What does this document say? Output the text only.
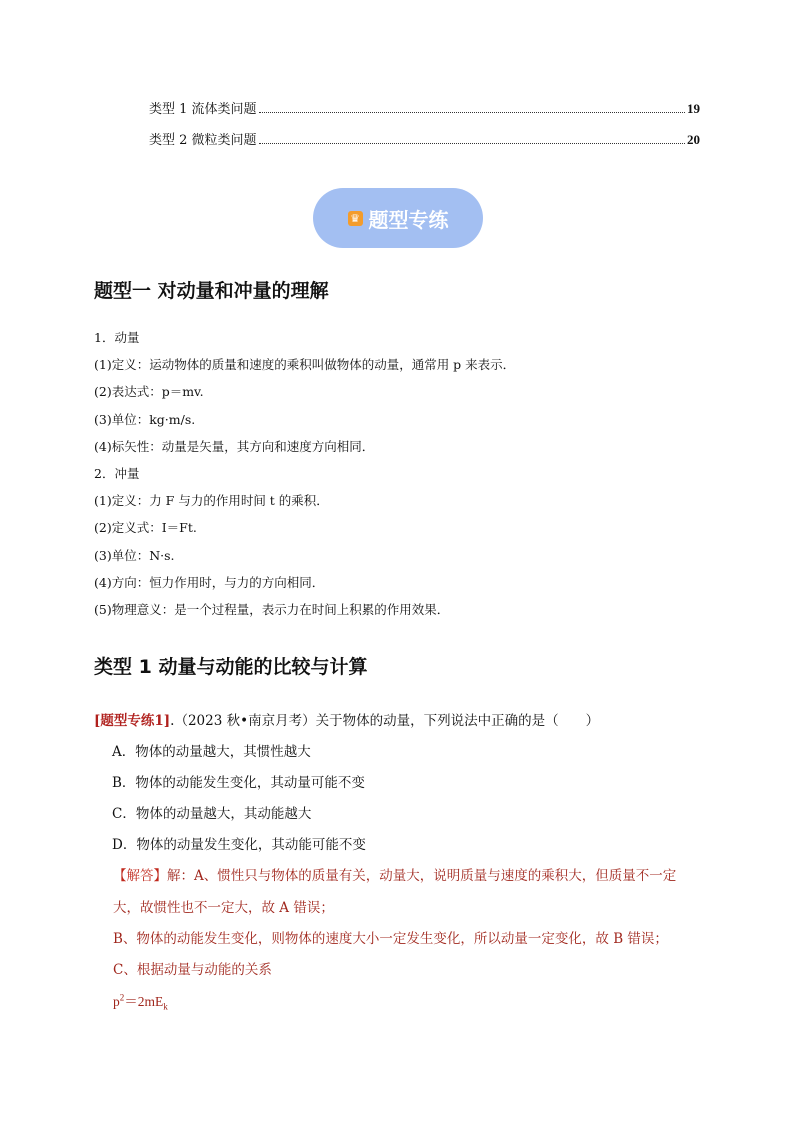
类型 1 流体类问题	19
类型 2 微粒类问题	20
♛ 题型专练
题型一 对动量和冲量的理解
1．动量
(1)定义：运动物体的质量和速度的乘积叫做物体的动量，通常用 p 来表示．
(2)表达式：p＝mv.
(3)单位：kg·m/s.
(4)标矢性：动量是矢量，其方向和速度方向相同．
2．冲量
(1)定义：力 F 与力的作用时间 t 的乘积．
(2)定义式：I＝Ft.
(3)单位：N·s.
(4)方向：恒力作用时，与力的方向相同．
(5)物理意义：是一个过程量，表示力在时间上积累的作用效果．
类型 1 动量与动能的比较与计算
[题型专练1].（2023 秋•南京月考）关于物体的动量，下列说法中正确的是（　　）
A．物体的动量越大，其惯性越大
B．物体的动能发生变化，其动量可能不变
C．物体的动量越大，其动能越大
D．物体的动量发生变化，其动能可能不变
【解答】解：A、惯性只与物体的质量有关，动量大，说明质量与速度的乘积大，但质量不一定
大，故惯性也不一定大，故 A 错误；
B、物体的动能发生变化，则物体的速度大小一定发生变化，所以动量一定变化，故 B 错误；
C、根据动量与动能的关系
$p^2=2mE_k$
